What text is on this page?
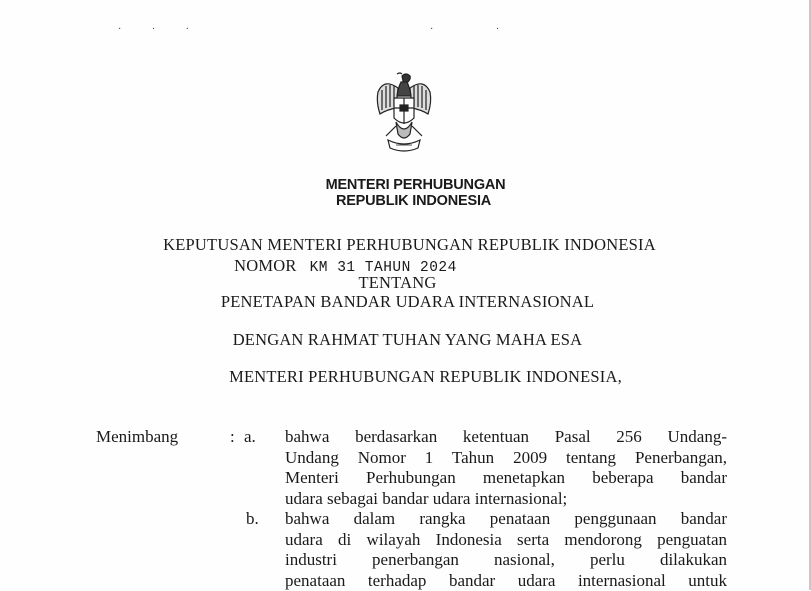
· · ·	· ·
MENTERI PERHUBUNGAN
REPUBLIK INDONESIA
KEPUTUSAN MENTERI PERHUBUNGAN REPUBLIK INDONESIA
NOMOR KM 31 TAHUN 2024
TENTANG
PENETAPAN BANDAR UDARA INTERNASIONAL
DENGAN RAHMAT TUHAN YANG MAHA ESA
MENTERI PERHUBUNGAN REPUBLIK INDONESIA,
Menimbang	: a. bahwa berdasarkan ketentuan Pasal 256 Undang-
Undang Nomor 1 Tahun 2009 tentang Penerbangan,
Menteri Perhubungan menetapkan beberapa bandar
udara sebagai bandar udara internasional;
b. bahwa dalam rangka penataan penggunaan bandar
udara di wilayah Indonesia serta mendorong penguatan
industri penerbangan nasional, perlu dilakukan
penataan terhadap bandar udara internasional untuk
